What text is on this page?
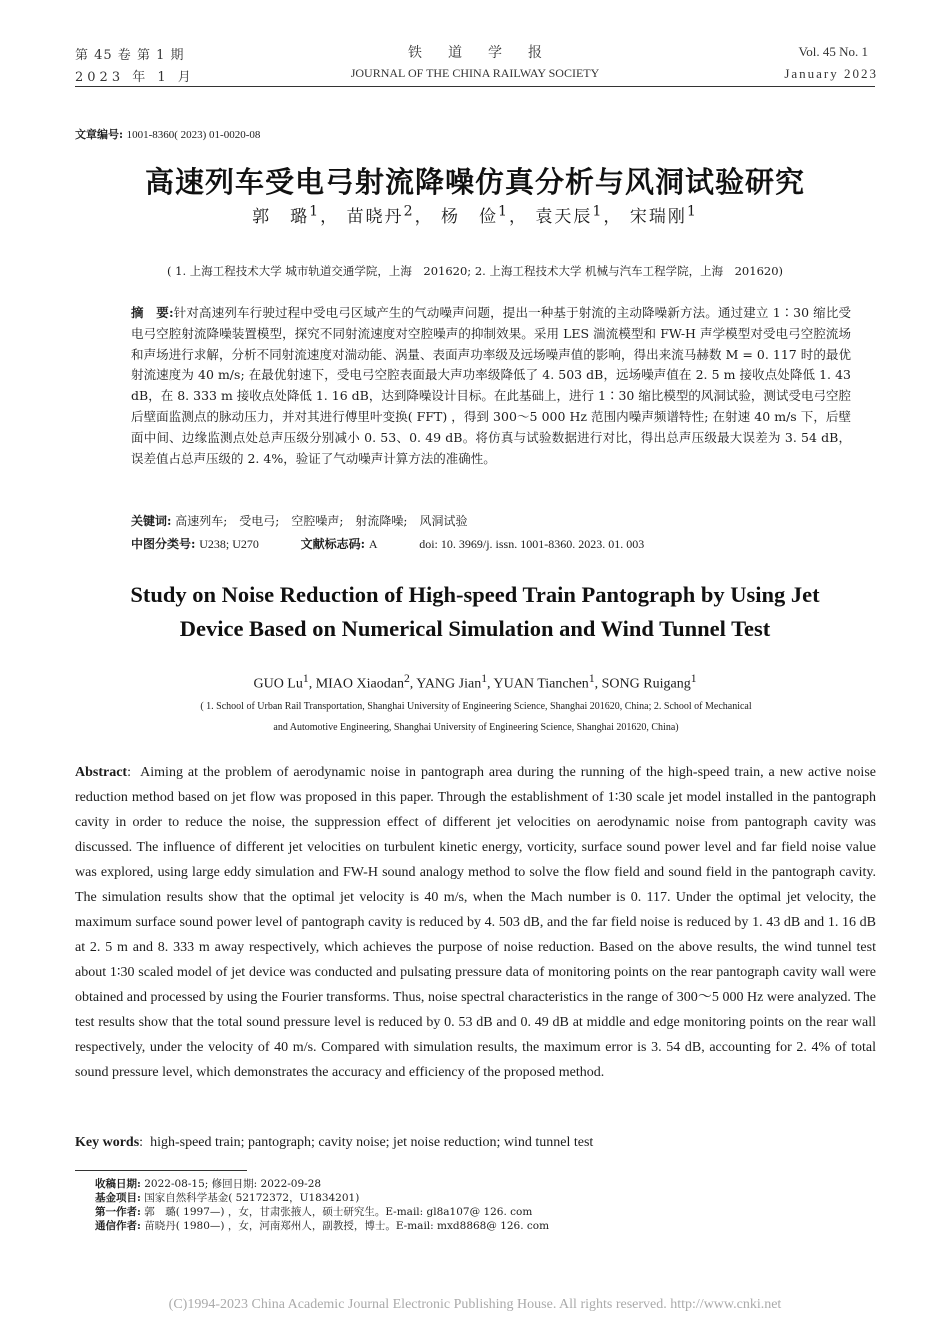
第 45 卷 第 1 期
2023 年 1 月
铁道学报
JOURNAL OF THE CHINA RAILWAY SOCIETY
Vol. 45 No. 1
January 2023
文章编号: 1001-8360( 2023) 01-0020-08
高速列车受电弓射流降噪仿真分析与风洞试验研究
郭　璐$^1$， 苗晓丹$^2$， 杨　俭$^1$， 袁天辰$^1$， 宋瑞刚$^1$
( 1. 上海工程技术大学 城市轨道交通学院，上海　201620; 2. 上海工程技术大学 机械与汽车工程学院，上海　201620)
摘　要:针对高速列车行驶过程中受电弓区域产生的气动噪声问题，提出一种基于射流的主动降噪新方法。通过建立 1∶30 缩比受电弓空腔射流降噪装置模型，探究不同射流速度对空腔噪声的抑制效果。采用 LES 湍流模型和 FW-H 声学模型对受电弓空腔流场和声场进行求解，分析不同射流速度对湍动能、涡量、表面声功率级及远场噪声值的影响，得出来流马赫数 M = 0. 117 时的最优射流速度为 40 m/s; 在最优射速下，受电弓空腔表面最大声功率级降低了 4. 503 dB，远场噪声值在 2. 5 m 接收点处降低 1. 43 dB，在 8. 333 m 接收点处降低 1. 16 dB，达到降噪设计目标。在此基础上，进行 1∶30 缩比模型的风洞试验，测试受电弓空腔后壁面监测点的脉动压力，并对其进行傅里叶变换( FFT) ，得到 300～5 000 Hz 范围内噪声频谱特性; 在射速 40 m/s 下，后壁面中间、边缘监测点处总声压级分别减小 0. 53、0. 49 dB。将仿真与试验数据进行对比，得出总声压级最大误差为 3. 54 dB，误差值占总声压级的 2. 4%，验证了气动噪声计算方法的准确性。
关键词: 高速列车;　受电弓;　空腔噪声;　射流降噪;　风洞试验
中图分类号: U238; U270	文献标志码: A	doi: 10. 3969/j. issn. 1001-8360. 2023. 01. 003
Study on Noise Reduction of High-speed Train Pantograph by Using Jet
Device Based on Numerical Simulation and Wind Tunnel Test
GUO Lu$^1$, MIAO Xiaodan$^2$, YANG Jian$^1$, YUAN Tianchen$^1$, SONG Ruigang$^1$
( 1. School of Urban Rail Transportation, Shanghai University of Engineering Science, Shanghai 201620, China; 2. School of Mechanical
and Automotive Engineering, Shanghai University of Engineering Science, Shanghai 201620, China)
Abstract:  Aiming at the problem of aerodynamic noise in pantograph area during the running of the high-speed train, a new active noise reduction method based on jet flow was proposed in this paper. Through the establishment of 1∶30 scale jet model installed in the pantograph cavity in order to reduce the noise, the suppression effect of different jet velocities on aerodynamic noise from pantograph cavity was discussed. The influence of different jet velocities on turbulent kinetic energy, vorticity, surface sound power level and far field noise value was explored, using large eddy simulation and FW-H sound analogy method to solve the flow field and sound field in the pantograph cavity. The simulation results show that the optimal jet velocity is 40 m/s, when the Mach number is 0. 117. Under the optimal jet velocity, the maximum surface sound power level of pantograph cavity is reduced by 4. 503 dB, and the far field noise is reduced by 1. 43 dB and 1. 16 dB at 2. 5 m and 8. 333 m away respectively, which achieves the purpose of noise reduction. Based on the above results, the wind tunnel test about 1∶30 scaled model of jet device was conducted and pulsating pressure data of monitoring points on the rear pantograph cavity wall were obtained and processed by using the Fourier transforms. Thus, noise spectral characteristics in the range of 300～5 000 Hz were analyzed. The test results show that the total sound pressure level is reduced by 0. 53 dB and 0. 49 dB at middle and edge monitoring points on the rear wall respectively, under the velocity of 40 m/s. Compared with simulation results, the maximum error is 3. 54 dB, accounting for 2. 4% of total sound pressure level, which demonstrates the accuracy and efficiency of the proposed method.
Key words:  high-speed train; pantograph; cavity noise; jet noise reduction; wind tunnel test
收稿日期: 2022-08-15; 修回日期: 2022-09-28
基金项目: 国家自然科学基金( 52172372，U1834201)
第一作者: 郭　璐( 1997—) ，女，甘肃张掖人，硕士研究生。E-mail: gl8a107@ 126. com
通信作者: 苗晓丹( 1980—) ，女，河南郑州人，副教授，博士。E-mail: mxd8868@ 126. com
(C)1994-2023 China Academic Journal Electronic Publishing House. All rights reserved. http://www.cnki.net
